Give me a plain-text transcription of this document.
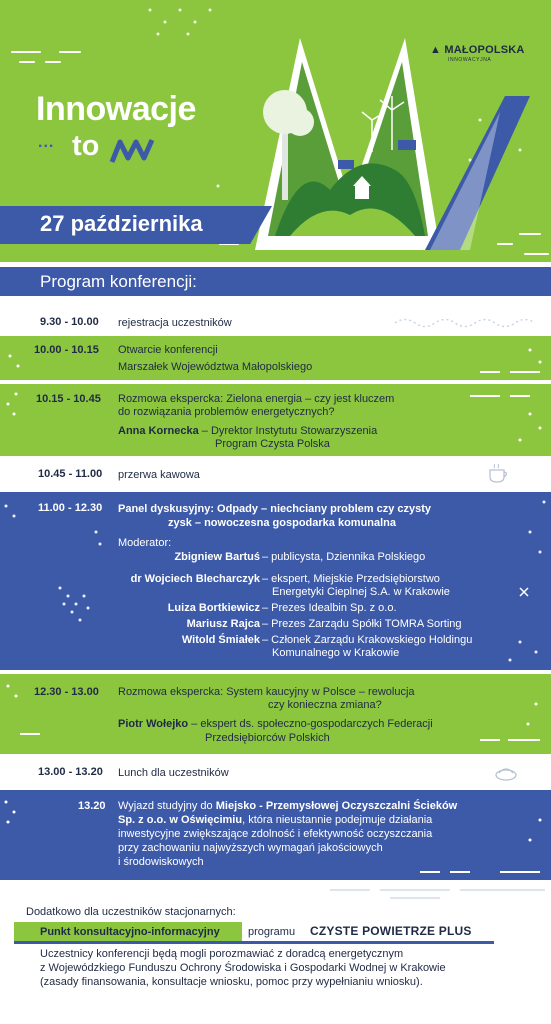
▲ MAŁOPOLSKA
INNOWACYJNA
Innowacje
... to
27 października
Program konferencji:
9.30 - 10.00 rejestracja uczestników
10.00 - 10.15 Otwarcie konferencji
Marszałek Województwa Małopolskiego
10.15 - 10.45 Rozmowa ekspercka: Zielona energia – czy jest kluczem
do rozwiązania problemów energetycznych?
Anna Kornecka – Dyrektor Instytutu Stowarzyszenia
Program Czysta Polska
10.45 - 11.00 przerwa kawowa
11.00 - 12.30 Panel dyskusyjny: Odpady – niechciany problem czy czysty
zysk – nowoczesna gospodarka komunalna
Moderator:
Zbigniew Bartuś – publicysta, Dziennika Polskiego
dr Wojciech Blecharczyk – ekspert, Miejskie Przedsiębiorstwo
Energetyki Cieplnej S.A. w Krakowie
Luiza Bortkiewicz – Prezes Idealbin Sp. z o.o.
Mariusz Rajca – Prezes Zarządu Spółki TOMRA Sorting
Witold Śmiałek – Członek Zarządu Krakowskiego Holdingu
Komunalnego w Krakowie
12.30 - 13.00 Rozmowa ekspercka: System kaucyjny w Polsce – rewolucja
czy konieczna zmiana?
Piotr Wołejko – ekspert ds. społeczno-gospodarczych Federacji
Przedsiębiorców Polskich
13.00 - 13.20 Lunch dla uczestników
13.20 Wyjazd studyjny do Miejsko - Przemysłowej Oczyszczalni Ścieków
Sp. z o.o. w Oświęcimiu, która nieustannie podejmuje działania
inwestycyjne zwiększające zdolność i efektywność oczyszczania
przy zachowaniu najwyższych wymagań jakościowych
i środowiskowych
Dodatkowo dla uczestników stacjonarnych:
Punkt konsultacyjno-informacyjny	programu CZYSTE POWIETRZE PLUS
Uczestnicy konferencji będą mogli porozmawiać z doradcą energetycznym
z Wojewódzkiego Funduszu Ochrony Środowiska i Gospodarki Wodnej w Krakowie
(zasady finansowania, konsultacje wniosku, pomoc przy wypełnianiu wniosku).
